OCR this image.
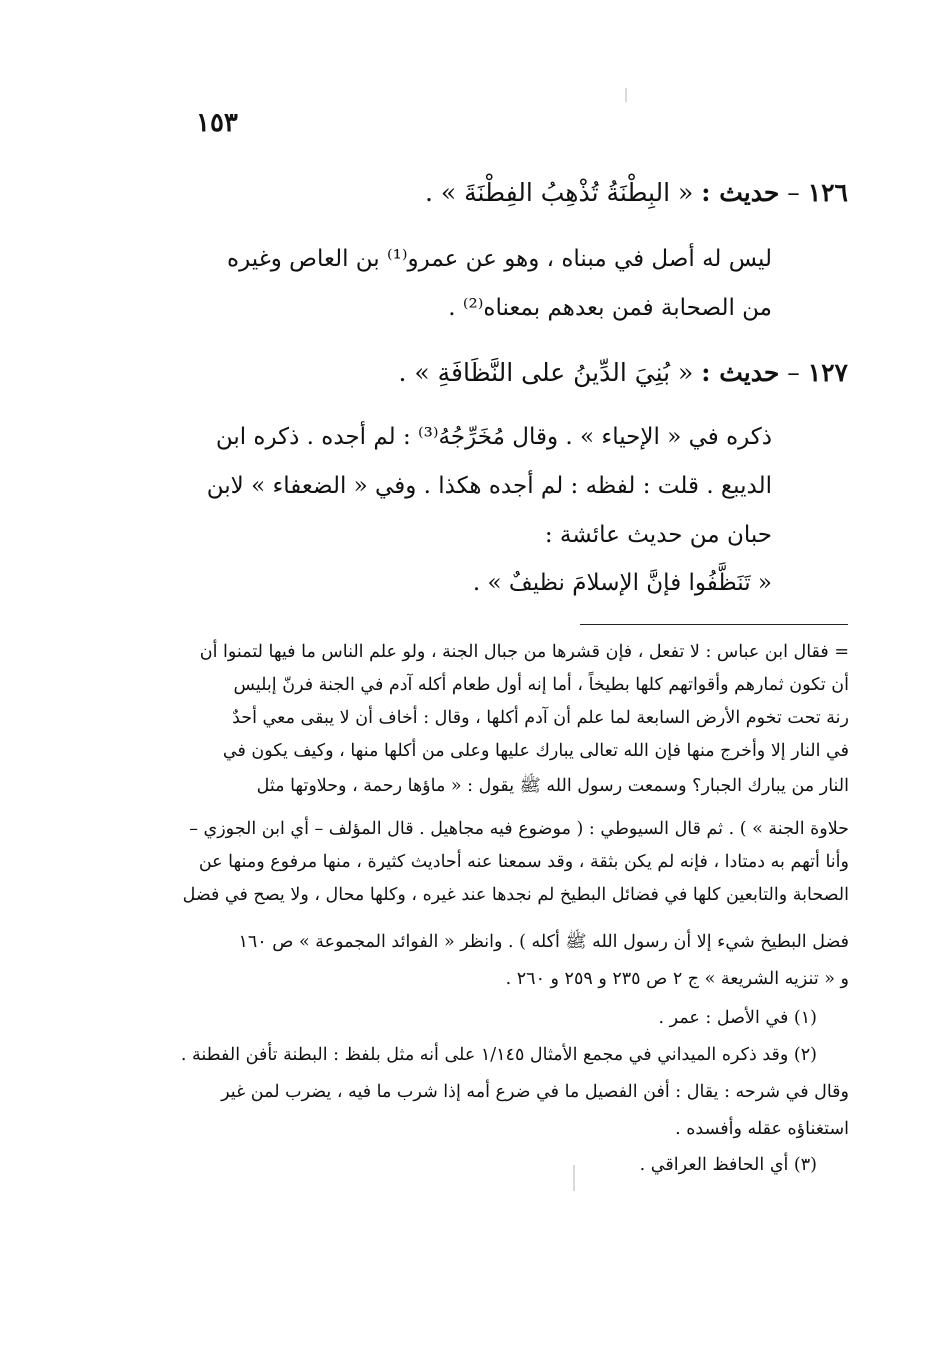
١٥٣
١٢٦ – حديث : « البِطْنَةُ تُذْهِبُ الفِطْنَةَ » .
ليس له أصل في مبناه ، وهو عن عمرو⁽¹⁾ بن العاص وغيره
من الصحابة فمن بعدهم بمعناه⁽²⁾ .
١٢٧ – حديث : « بُنِيَ الدِّينُ على النَّظَافَةِ » .
ذكره في « الإحياء » . وقال مُخَرِّجُهُ⁽³⁾ : لم أجده . ذكره ابن
الديبع . قلت : لفظه : لم أجده هكذا . وفي « الضعفاء » لابن
حبان من حديث عائشة :
« تَنَظَّفُوا فإنَّ الإسلامَ نظيفٌ » .
= فقال ابن عباس : لا تفعل ، فإن قشرها من جبال الجنة ، ولو علم الناس ما فيها لتمنوا أن
أن تكون ثمارهم وأقواتهم كلها بطيخاً ، أما إنه أول طعام أكله آدم في الجنة فرنّ إبليس
رنة تحت تخوم الأرض السابعة لما علم أن آدم أكلها ، وقال : أخاف أن لا يبقى معي أحدٌ
في النار إلا وأخرج منها فإن الله تعالى يبارك عليها وعلى من أكلها منها ، وكيف يكون في
النار من يبارك الجبار؟ وسمعت رسول الله ﷺ يقول : « ماؤها رحمة ، وحلاوتها مثل
حلاوة الجنة » ) . ثم قال السيوطي : ( موضوع فيه مجاهيل . قال المؤلف – أي ابن الجوزي –
وأنا أتهم به دمتادا ، فإنه لم يكن بثقة ، وقد سمعنا عنه أحاديث كثيرة ، منها مرفوع ومنها عن
الصحابة والتابعين كلها في فضائل البطيخ لم نجدها عند غيره ، وكلها محال ، ولا يصح في فضل
فضل البطيخ شيء إلا أن رسول الله ﷺ أكله ) . وانظر « الفوائد المجموعة » ص ١٦٠
و « تنزيه الشريعة » ج ٢ ص ٢٣٥ و ٢٥٩ و ٢٦٠ .
(١) في الأصل : عمر .
(٢) وقد ذكره الميداني في مجمع الأمثال ١/١٤٥ على أنه مثل بلفظ : البطنة تأفن الفطنة .
وقال في شرحه : يقال : أفن الفصيل ما في ضرع أمه إذا شرب ما فيه ، يضرب لمن غير
استغناؤه عقله وأفسده .
(٣) أي الحافظ العراقي .
